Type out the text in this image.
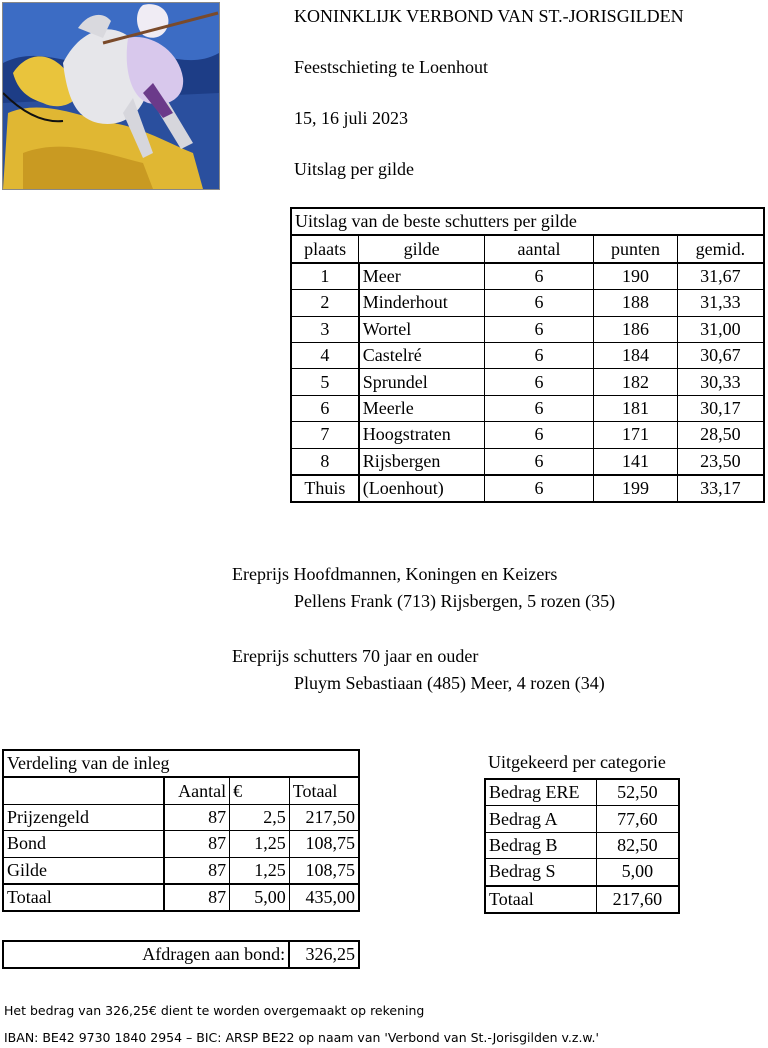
KONINKLIJK VERBOND VAN ST.-JORISGILDEN
Feestschieting te Loenhout
15, 16 juli 2023
Uitslag per gilde
Uitslag van de beste schutters per gilde				
plaats	gilde	aantal	punten	gemid.
1	Meer	6	190	31,67
2	Minderhout	6	188	31,33
3	Wortel	6	186	31,00
4	Castelré	6	184	30,67
5	Sprundel	6	182	30,33
6	Meerle	6	181	30,17
7	Hoogstraten	6	171	28,50
8	Rijsbergen	6	141	23,50
Thuis	(Loenhout)	6	199	33,17
Ereprijs Hoofdmannen, Koningen en Keizers
Pellens Frank (713) Rijsbergen, 5 rozen (35)
Ereprijs schutters 70 jaar en ouder
Pluym Sebastiaan (485) Meer, 4 rozen (34)
Verdeling van de inleg			
	Aantal	€	Totaal
Prijzengeld	87	2,5	217,50
Bond	87	1,25	108,75
Gilde	87	1,25	108,75
Totaal	87	5,00	435,00
Uitgekeerd per categorie
Bedrag ERE	52,50
Bedrag A	77,60
Bedrag B	82,50
Bedrag S	5,00
Totaal	217,60
Afdragen aan bond:	326,25
Het bedrag van 326,25€ dient te worden overgemaakt op rekening
IBAN: BE42 9730 1840 2954 – BIC: ARSP BE22 op naam van 'Verbond van St.-Jorisgilden v.z.w.'
